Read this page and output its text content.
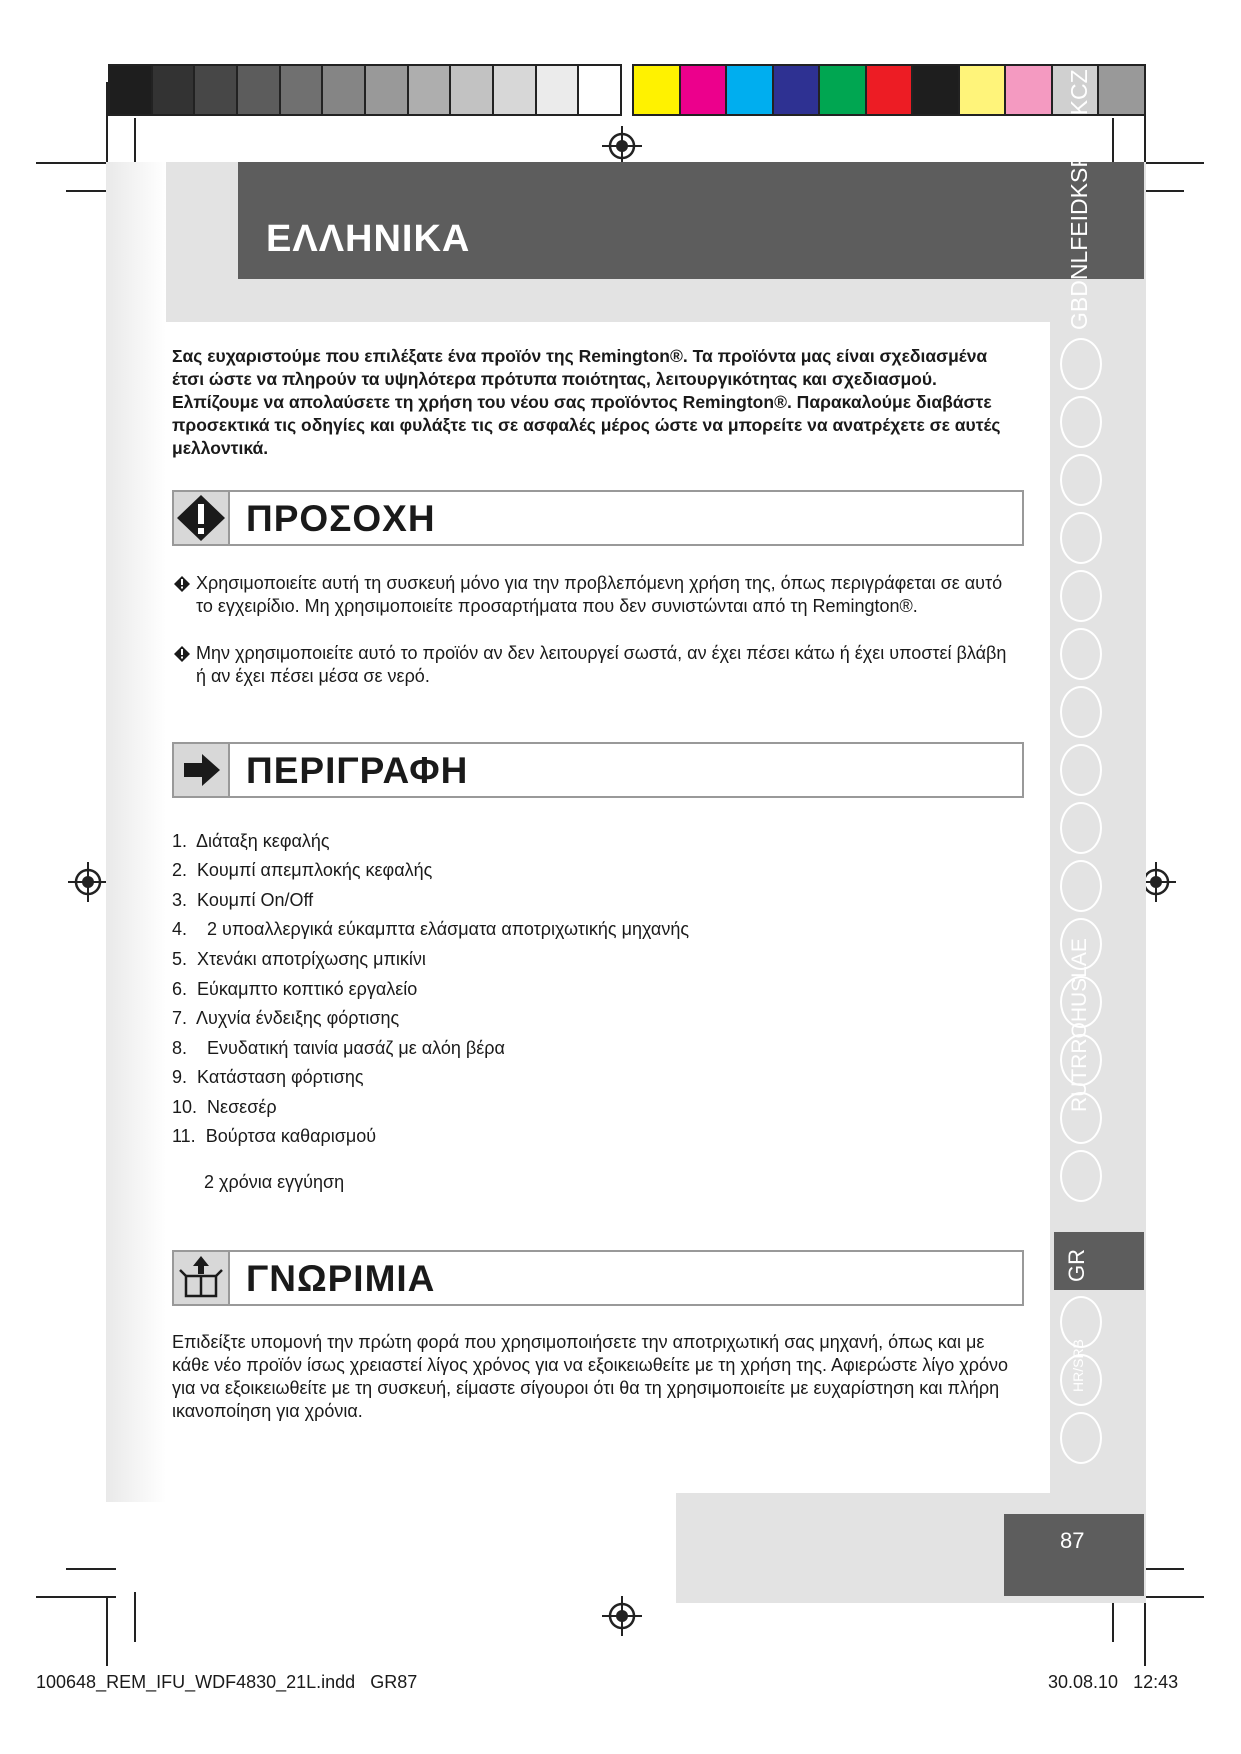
ΕΛΛΗΝΙΚΑ	GBDNLFEIDKSFINSKCZ
RUTRROHUSLAE
GR
HR/SRB
Σας ευχαριστούμε που επιλέξατε ένα προϊόν της Remington®. Τα προϊόντα μας είναι σχεδιασμένα έτσι ώστε να πληρούν τα υψηλότερα πρότυπα ποιότητας, λειτουργικότητας και σχεδιασμού. Ελπίζουμε να απολαύσετε τη χρήση του νέου σας προϊόντος Remington®. Παρακαλούμε διαβάστε προσεκτικά τις οδηγίες και φυλάξτε τις σε ασφαλές μέρος ώστε να μπορείτε να ανατρέχετε σε αυτές μελλοντικά.
ΠΡΟΣΟΧΗ
Χρησιμοποιείτε αυτή τη συσκευή μόνο για την προβλεπόμενη χρήση της, όπως περιγράφεται σε αυτό το εγχειρίδιο. Μη χρησιμοποιείτε προσαρτήματα που δεν συνιστώνται από τη Remington®.
Μην χρησιμοποιείτε αυτό το προϊόν αν δεν λειτουργεί σωστά, αν έχει πέσει κάτω ή έχει υποστεί βλάβη ή αν έχει πέσει μέσα σε νερό.
ΠΕΡΙΓΡΑΦΗ
1. Διάταξη κεφαλής
2. Κουμπί απεμπλοκής κεφαλής
3. Κουμπί On/Off
4. 2 υποαλλεργικά εύκαμπτα ελάσματα αποτριχωτικής μηχανής
5. Χτενάκι αποτρίχωσης μπικίνι
6. Εύκαμπτο κοπτικό εργαλείο
7. Λυχνία ένδειξης φόρτισης
8. Ενυδατική ταινία μασάζ με αλόη βέρα
9. Κατάσταση φόρτισης
10. Νεσεσέρ
11. Βούρτσα καθαρισμού
2 χρόνια εγγύηση
ΓΝΩΡΙΜΙΑ
Επιδείξτε υπομονή την πρώτη φορά που χρησιμοποιήσετε την αποτριχωτική σας μηχανή, όπως και με κάθε νέο προϊόν ίσως χρειαστεί λίγος χρόνος για να εξοικειωθείτε με τη χρήση της. Αφιερώστε λίγο χρόνο για να εξοικειωθείτε με τη συσκευή, είμαστε σίγουροι ότι θα τη χρησιμοποιείτε με ευχαρίστηση και πλήρη ικανοποίηση για χρόνια.
87
100648_REM_IFU_WDF4830_21L.indd   GR87	30.08.10   12:43
